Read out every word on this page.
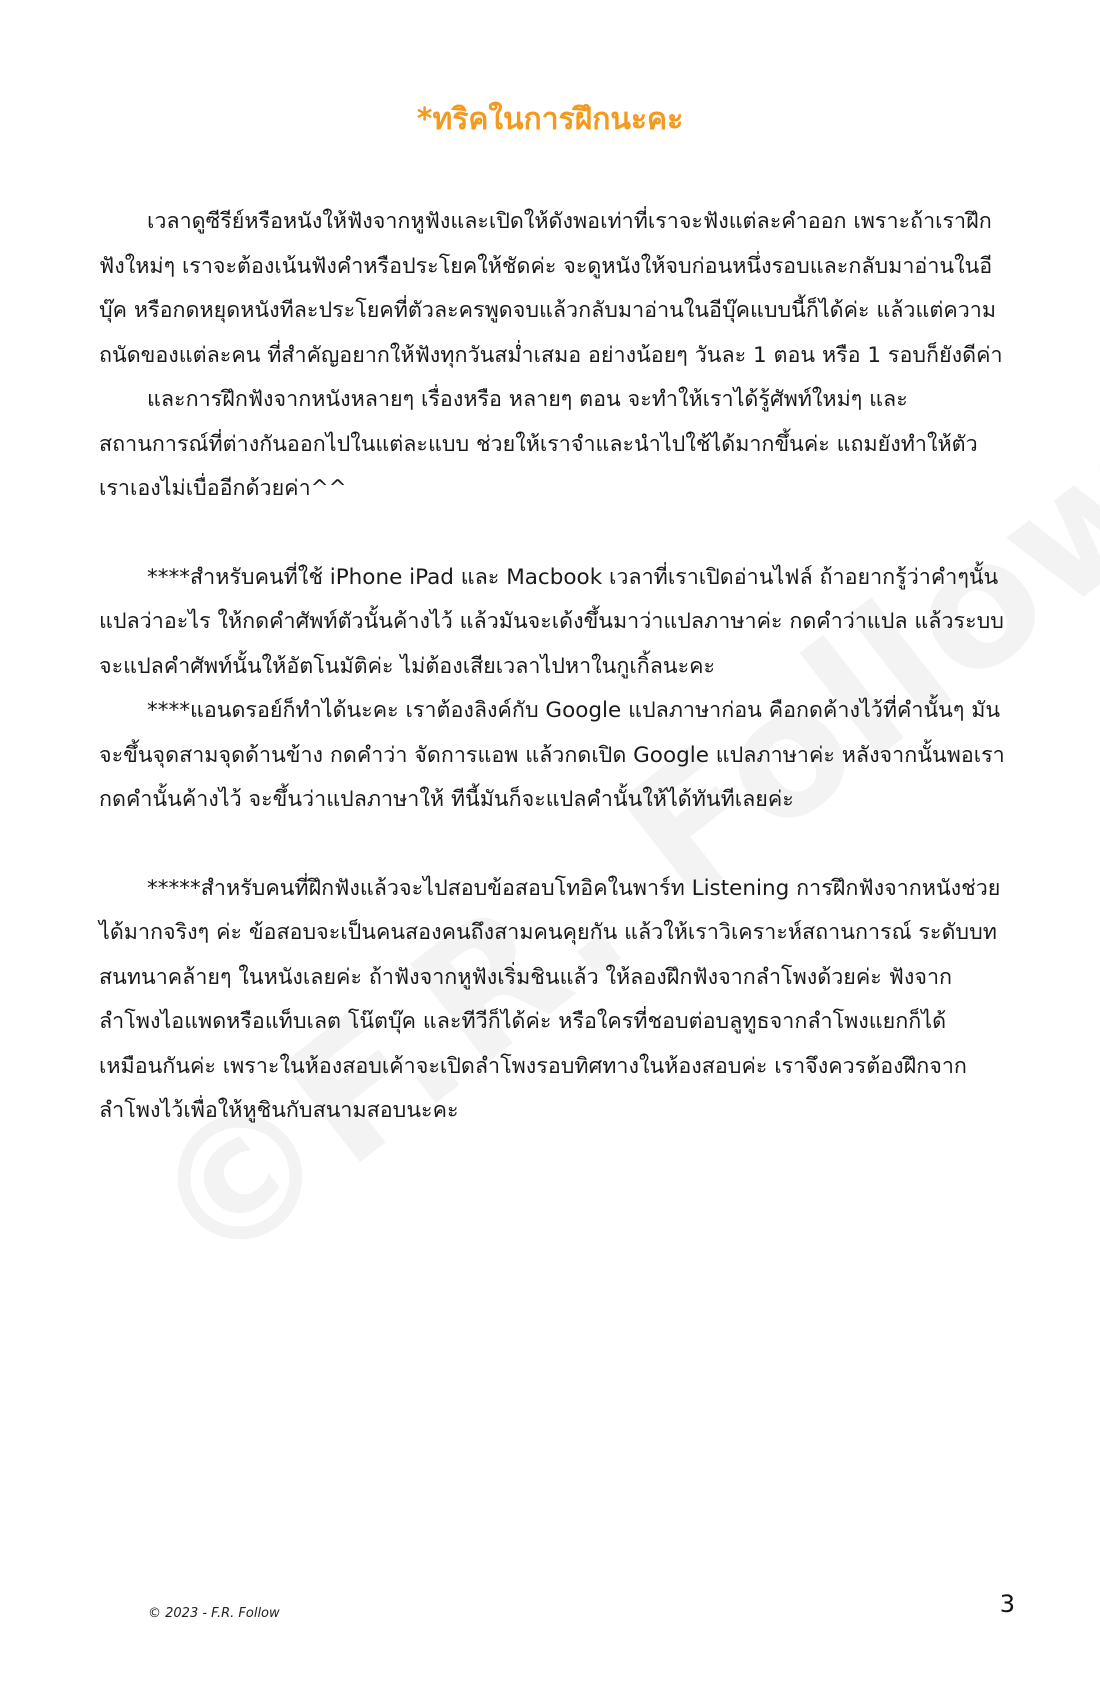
*ทริคในการฝึกนะคะ

เวลาดูซีรีย์หรือหนังให้ฟังจากหูฟังและเปิดให้ดังพอเท่าที่เราจะฟังแต่ละคำออก เพราะถ้าเราฝึกฟังใหม่ๆ เราจะต้องเน้นฟังคำหรือประโยคให้ชัดค่ะ จะดูหนังให้จบก่อนหนึ่งรอบและกลับมาอ่านในอีบุ๊ค หรือกดหยุดหนังทีละประโยคที่ตัวละครพูดจบแล้วกลับมาอ่านในอีบุ๊คแบบนี้ก็ได้ค่ะ แล้วแต่ความถนัดของแต่ละคน ที่สำคัญอยากให้ฟังทุกวันสม่ำเสมอ อย่างน้อยๆ วันละ 1 ตอน หรือ 1 รอบก็ยังดีค่า

และการฝึกฟังจากหนังหลายๆ เรื่องหรือ หลายๆ ตอน จะทำให้เราได้รู้ศัพท์ใหม่ๆ และสถานการณ์ที่ต่างกันออกไปในแต่ละแบบ ช่วยให้เราจำและนำไปใช้ได้มากขึ้นค่ะ แถมยังทำให้ตัวเราเองไม่เบื่ออีกด้วยค่า^^

****สำหรับคนที่ใช้ iPhone iPad และ Macbook เวลาที่เราเปิดอ่านไฟล์ ถ้าอยากรู้ว่าคำๆนั้นแปลว่าอะไร ให้กดคำศัพท์ตัวนั้นค้างไว้ แล้วมันจะเด้งขึ้นมาว่าแปลภาษาค่ะ กดคำว่าแปล แล้วระบบจะแปลคำศัพท์นั้นให้อัตโนมัติค่ะ ไม่ต้องเสียเวลาไปหาในกูเกิ้ลนะคะ

****แอนดรอย์ก็ทำได้นะคะ เราต้องลิงค์กับ Google แปลภาษาก่อน คือกดค้างไว้ที่คำนั้นๆ มันจะขึ้นจุดสามจุดด้านข้าง กดคำว่า จัดการแอพ แล้วกดเปิด Google แปลภาษาค่ะ หลังจากนั้นพอเรากดคำนั้นค้างไว้ จะขึ้นว่าแปลภาษาให้ ทีนี้มันก็จะแปลคำนั้นให้ได้ทันทีเลยค่ะ

*****สำหรับคนที่ฝึกฟังแล้วจะไปสอบข้อสอบโทอิคในพาร์ท Listening การฝึกฟังจากหนังช่วยได้มากจริงๆ ค่ะ ข้อสอบจะเป็นคนสองคนถึงสามคนคุยกัน แล้วให้เราวิเคราะห์สถานการณ์ ระดับบทสนทนาคล้ายๆ ในหนังเลยค่ะ ถ้าฟังจากหูฟังเริ่มชินแล้ว ให้ลองฝึกฟังจากลำโพงด้วยค่ะ ฟังจากลำโพงไอแพดหรือแท็บเลต โน๊ตบุ๊ค และทีวีก็ได้ค่ะ หรือใครที่ชอบต่อบลูทูธจากลำโพงแยกก็ได้เหมือนกันค่ะ เพราะในห้องสอบเค้าจะเปิดลำโพงรอบทิศทางในห้องสอบค่ะ เราจึงควรต้องฝึกจากลำโพงไว้เพื่อให้หูชินกับสนามสอบนะคะ

© 2023 - F.R. Follow	3
